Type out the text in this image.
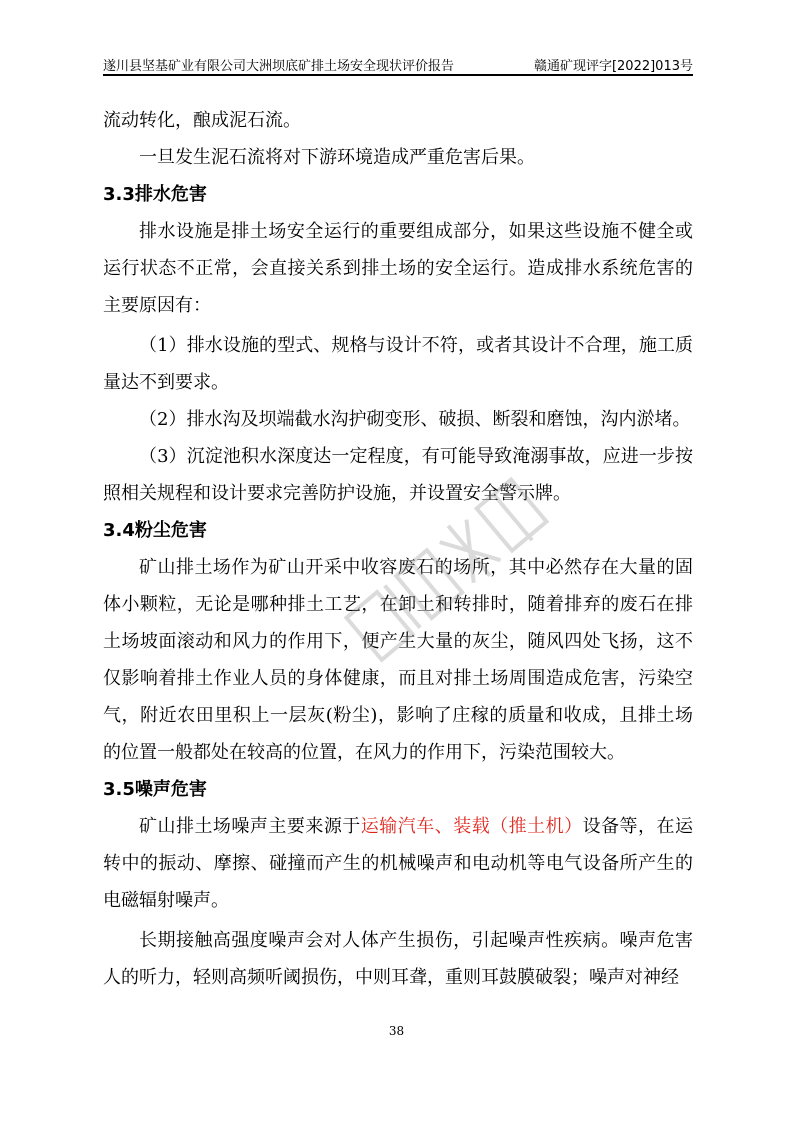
遂川县坚基矿业有限公司大洲坝底矿排土场安全现状评价报告	赣通矿现评字[2022]013号

流动转化，酿成泥石流。

一旦发生泥石流将对下游环境造成严重危害后果。

3.3排水危害

排水设施是排土场安全运行的重要组成部分，如果这些设施不健全或运行状态不正常，会直接关系到排土场的安全运行。造成排水系统危害的主要原因有：

（1）排水设施的型式、规格与设计不符，或者其设计不合理，施工质量达不到要求。

（2）排水沟及坝端截水沟护砌变形、破损、断裂和磨蚀，沟内淤堵。

（3）沉淀池积水深度达一定程度，有可能导致淹溺事故，应进一步按照相关规程和设计要求完善防护设施，并设置安全警示牌。

3.4粉尘危害

矿山排土场作为矿山开采中收容废石的场所，其中必然存在大量的固体小颗粒，无论是哪种排土工艺，在卸土和转排时，随着排弃的废石在排土场坡面滚动和风力的作用下，便产生大量的灰尘，随风四处飞扬，这不仅影响着排土作业人员的身体健康，而且对排土场周围造成危害，污染空气，附近农田里积上一层灰(粉尘)，影响了庄稼的质量和收成，且排土场的位置一般都处在较高的位置，在风力的作用下，污染范围较大。

3.5噪声危害

矿山排土场噪声主要来源于运输汽车、装载（推土机）设备等，在运转中的振动、摩擦、碰撞而产生的机械噪声和电动机等电气设备所产生的电磁辐射噪声。

长期接触高强度噪声会对人体产生损伤，引起噪声性疾病。噪声危害人的听力，轻则高频听阈损伤，中则耳聋，重则耳鼓膜破裂；噪声对神经

38
